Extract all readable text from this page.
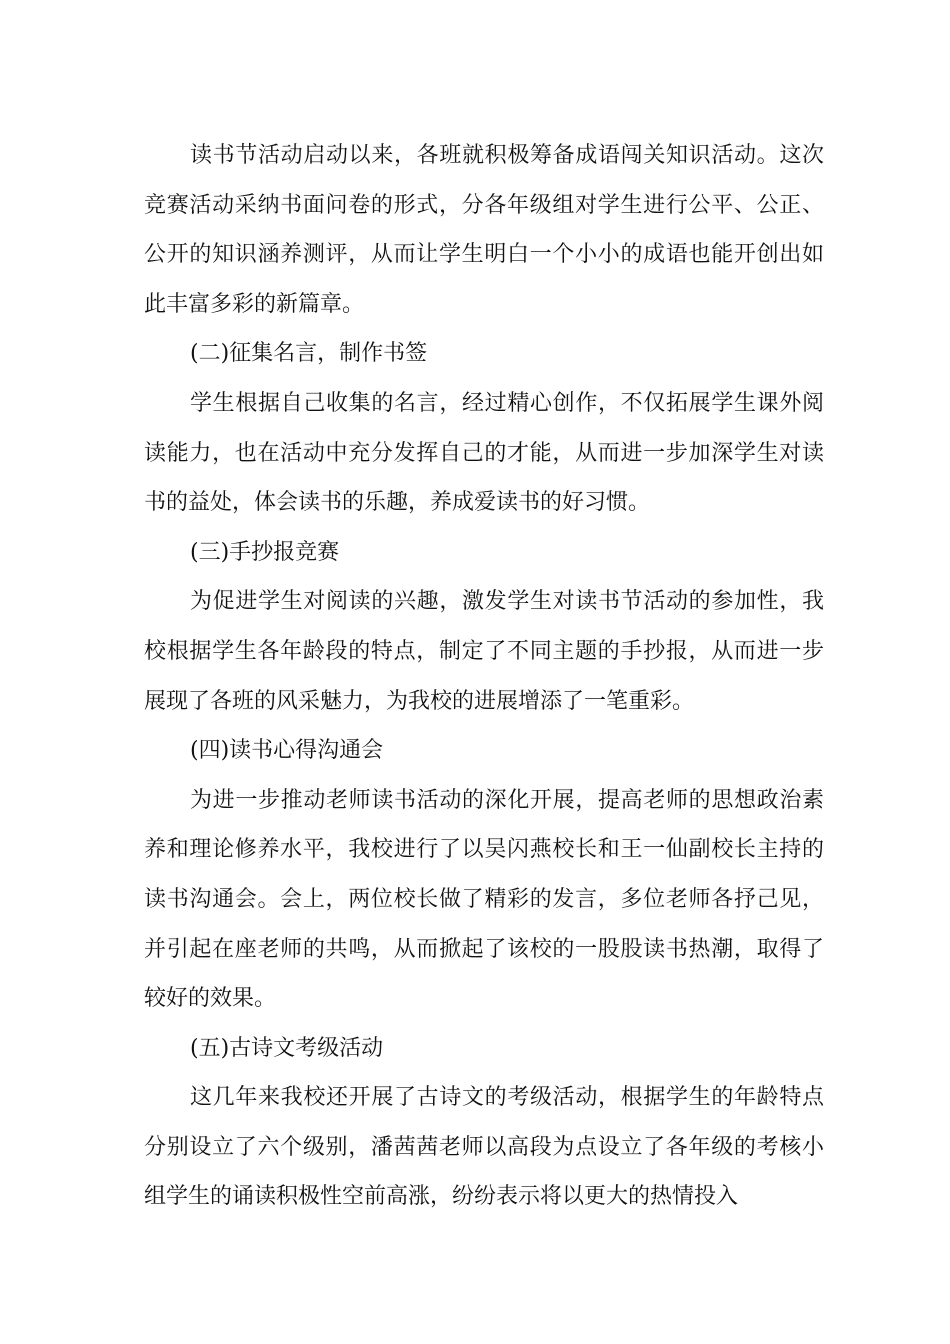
读书节活动启动以来，各班就积极筹备成语闯关知识活动。这次竞赛活动采纳书面问卷的形式，分各年级组对学生进行公平、公正、公开的知识涵养测评，从而让学生明白一个小小的成语也能开创出如此丰富多彩的新篇章。

(二)征集名言，制作书签

学生根据自己收集的名言，经过精心创作，不仅拓展学生课外阅读能力，也在活动中充分发挥自己的才能，从而进一步加深学生对读书的益处，体会读书的乐趣，养成爱读书的好习惯。

(三)手抄报竞赛

为促进学生对阅读的兴趣，激发学生对读书节活动的参加性，我校根据学生各年龄段的特点，制定了不同主题的手抄报，从而进一步展现了各班的风采魅力，为我校的进展增添了一笔重彩。

(四)读书心得沟通会

为进一步推动老师读书活动的深化开展，提高老师的思想政治素养和理论修养水平，我校进行了以吴闪燕校长和王一仙副校长主持的读书沟通会。会上，两位校长做了精彩的发言，多位老师各抒己见，并引起在座老师的共鸣，从而掀起了该校的一股股读书热潮，取得了较好的效果。

(五)古诗文考级活动

这几年来我校还开展了古诗文的考级活动，根据学生的年龄特点分别设立了六个级别，潘茜茜老师以高段为点设立了各年级的考核小组学生的诵读积极性空前高涨，纷纷表示将以更大的热情投入
